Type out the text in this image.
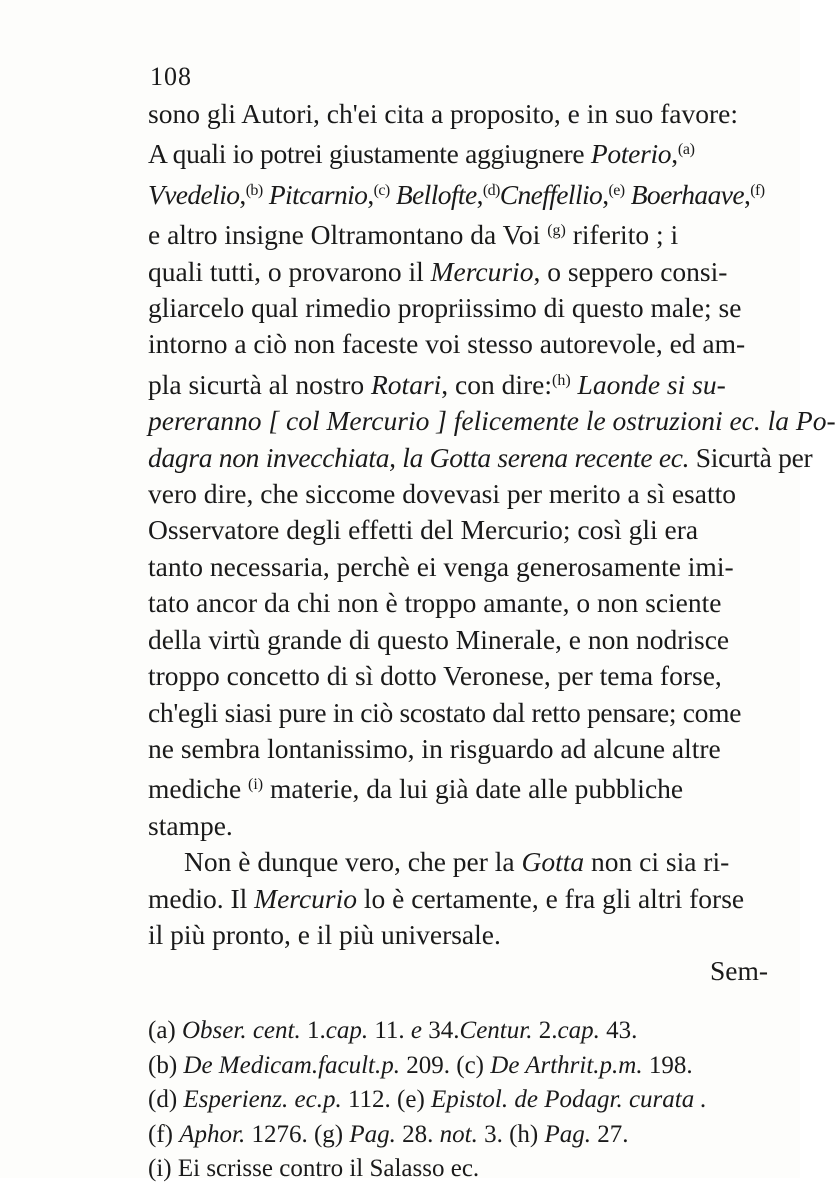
108
sono gli Autori, ch'ei cita a proposito, e in suo favore:
A quali io potrei giustamente aggiugnere Poterio,$^{(a)}$
Vvedelio,$^{(b)}$ Pitcarnio,$^{(c)}$ Bellofte,$^{(d)}$Cneffellio,$^{(e)}$ Boerhaave,$^{(f)}$
e altro insigne Oltramontano da Voi $^{(g)}$ riferito ; i
quali tutti, o provarono il Mercurio, o seppero consi-
gliarcelo qual rimedio propriissimo di questo male; se
intorno a ciò non faceste voi stesso autorevole, ed am-
pla sicurtà al nostro Rotari, con dire:$^{(h)}$ Laonde si su-
pereranno [ col Mercurio ] felicemente le ostruzioni ec. la Po-
dagra non invecchiata, la Gotta serena recente ec. Sicurtà per
vero dire, che siccome dovevasi per merito a sì esatto
Osservatore degli effetti del Mercurio; così gli era
tanto necessaria, perchè ei venga generosamente imi-
tato ancor da chi non è troppo amante, o non sciente
della virtù grande di questo Minerale, e non nodrisce
troppo concetto di sì dotto Veronese, per tema forse,
ch'egli siasi pure in ciò scostato dal retto pensare; come
ne sembra lontanissimo, in risguardo ad alcune altre
mediche $^{(i)}$ materie, da lui già date alle pubbliche
stampe.
Non è dunque vero, che per la Gotta non ci sia ri-
medio. Il Mercurio lo è certamente, e fra gli altri forse
il più pronto, e il più universale.
Sem-
(a) Obser. cent. 1.cap. 11. e 34.Centur. 2.cap. 43.
(b) De Medicam.facult.p. 209. (c) De Arthrit.p.m. 198.
(d) Esperienz. ec.p. 112. (e) Epistol. de Podagr. curata .
(f) Aphor. 1276. (g) Pag. 28. not. 3. (h) Pag. 27.
(i) Ei scrisse contro il Salasso ec.
